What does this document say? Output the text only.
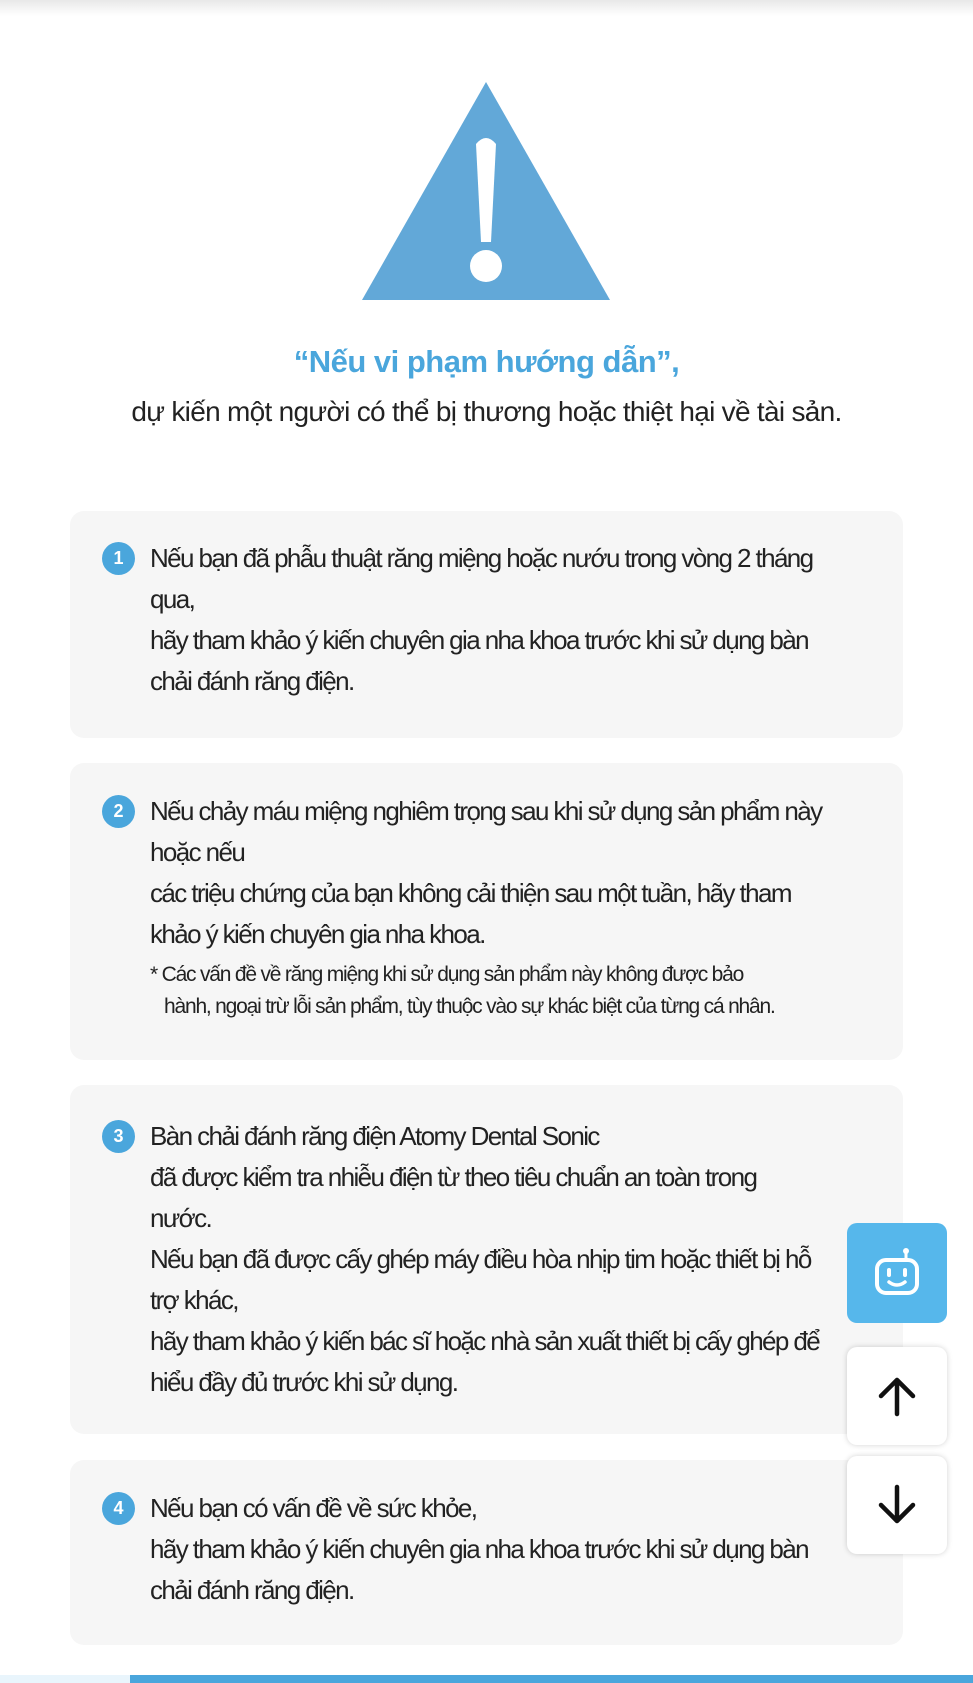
“Nếu vi phạm hướng dẫn”,
dự kiến một người có thể bị thương hoặc thiệt hại về tài sản.
1	Nếu bạn đã phẫu thuật răng miệng hoặc nướu trong vòng 2 tháng
qua,
hãy tham khảo ý kiến chuyên gia nha khoa trước khi sử dụng bàn
chải đánh răng điện.
2	Nếu chảy máu miệng nghiêm trọng sau khi sử dụng sản phẩm này
hoặc nếu
các triệu chứng của bạn không cải thiện sau một tuần, hãy tham
khảo ý kiến chuyên gia nha khoa.
* Các vấn đề về răng miệng khi sử dụng sản phẩm này không được bảo
hành, ngoại trừ lỗi sản phẩm, tùy thuộc vào sự khác biệt của từng cá nhân.
3	Bàn chải đánh răng điện Atomy Dental Sonic
đã được kiểm tra nhiễu điện từ theo tiêu chuẩn an toàn trong
nước.
Nếu bạn đã được cấy ghép máy điều hòa nhịp tim hoặc thiết bị hỗ
trợ khác,
hãy tham khảo ý kiến bác sĩ hoặc nhà sản xuất thiết bị cấy ghép để
hiểu đầy đủ trước khi sử dụng.
4	Nếu bạn có vấn đề về sức khỏe,
hãy tham khảo ý kiến chuyên gia nha khoa trước khi sử dụng bàn
chải đánh răng điện.
